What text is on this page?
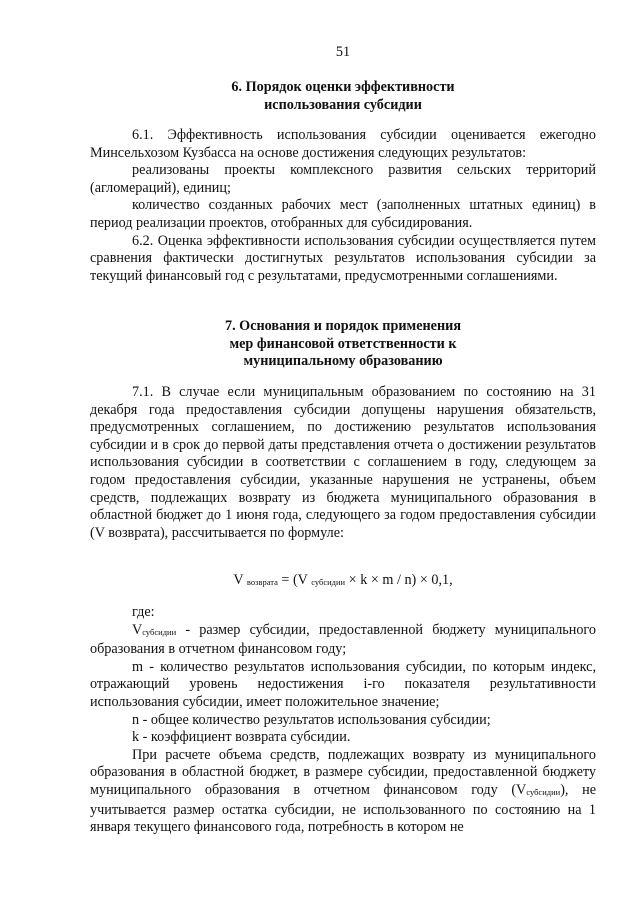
51
6. Порядок оценки эффективности
использования субсидии

6.1. Эффективность использования субсидии оценивается ежегодно Минсельхозом Кузбасса на основе достижения следующих результатов:

реализованы проекты комплексного развития сельских территорий (агломераций), единиц;

количество созданных рабочих мест (заполненных штатных единиц) в период реализации проектов, отобранных для субсидирования.

6.2. Оценка эффективности использования субсидии осуществляется путем сравнения фактически достигнутых результатов использования субсидии за текущий финансовый год с результатами, предусмотренными соглашениями.

7. Основания и порядок применения
мер финансовой ответственности к
муниципальному образованию

7.1. В случае если муниципальным образованием по состоянию на 31 декабря года предоставления субсидии допущены нарушения обязательств, предусмотренных соглашением, по достижению результатов использования субсидии и в срок до первой даты представления отчета о достижении результатов использования субсидии в соответствии с соглашением в году, следующем за годом предоставления субсидии, указанные нарушения не устранены, объем средств, подлежащих возврату из бюджета муниципального образования в областной бюджет до 1 июня года, следующего за годом предоставления субсидии (V возврата), рассчитывается по формуле:

V $_{возврата}$ = (V $_{субсидии}$ × k × m / n) × 0,1,

где:

$V_{субсидии}$ - размер субсидии, предоставленной бюджету муниципального образования в отчетном финансовом году;

m - количество результатов использования субсидии, по которым индекс, отражающий уровень недостижения i-го показателя результативности использования субсидии, имеет положительное значение;

n - общее количество результатов использования субсидии;

k - коэффициент возврата субсидии.

При расчете объема средств, подлежащих возврату из муниципального образования в областной бюджет, в размере субсидии, предоставленной бюджету муниципального образования в отчетном финансовом году $(V_{субсидии})$, не учитывается размер остатка субсидии, не использованного по состоянию на 1 января текущего финансового года, потребность в котором не
